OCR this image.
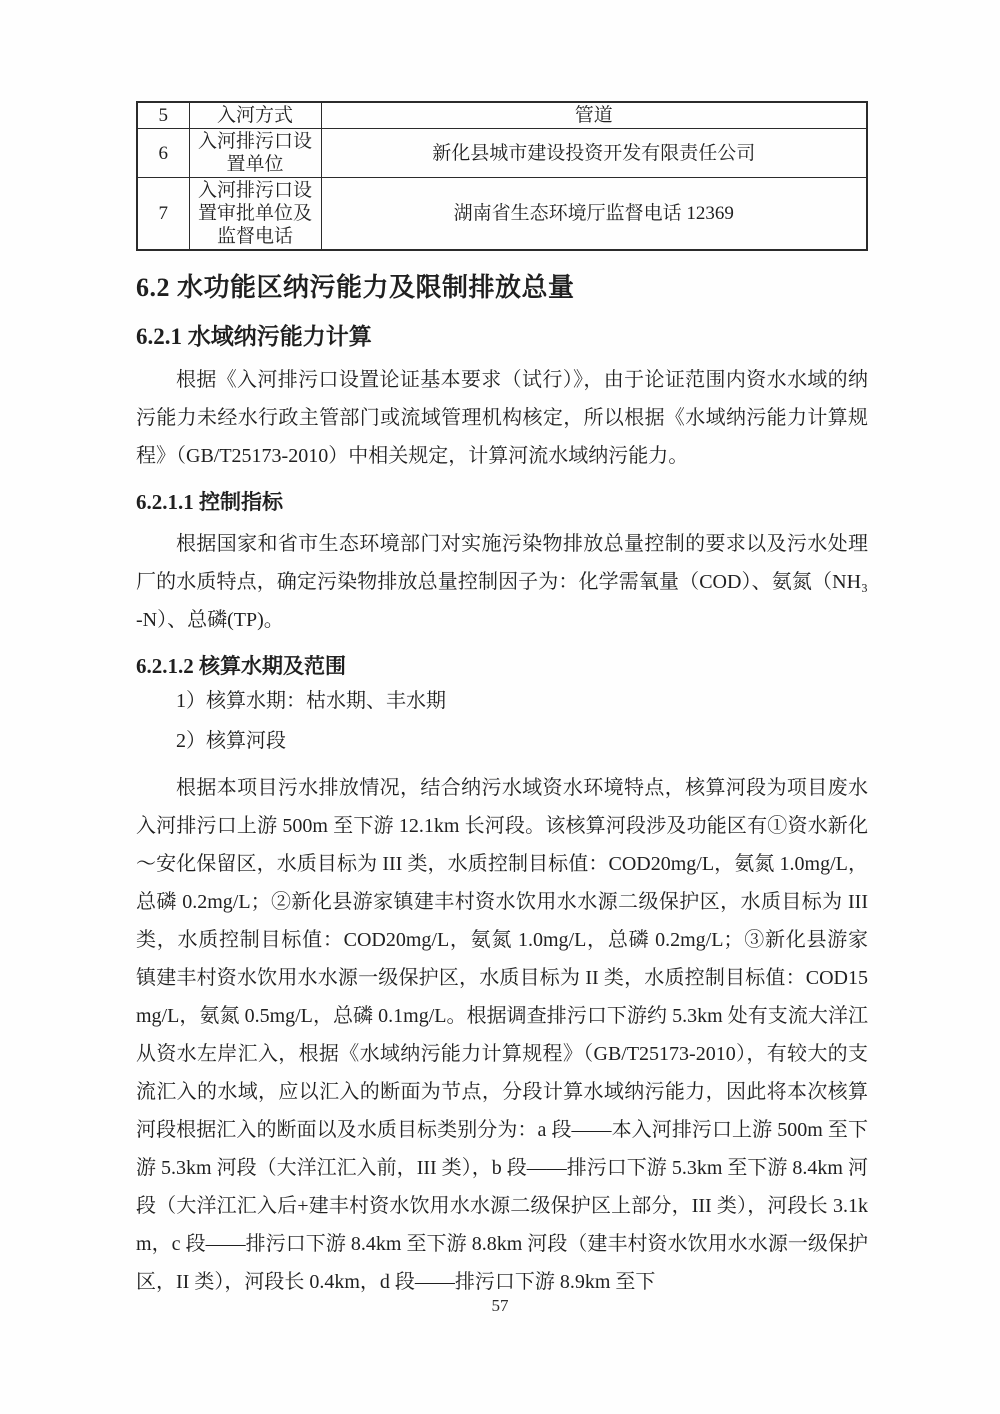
5	入河方式	管道
6	入河排污口设置单位	新化县城市建设投资开发有限责任公司
7	入河排污口设置审批单位及监督电话	湖南省生态环境厅监督电话 12369
6.2 水功能区纳污能力及限制排放总量
6.2.1 水域纳污能力计算

根据《入河排污口设置论证基本要求（试行）》，由于论证范围内资水水域的纳污能力未经水行政主管部门或流域管理机构核定，所以根据《水域纳污能力计算规程》（GB/T25173-2010）中相关规定，计算河流水域纳污能力。

6.2.1.1 控制指标

根据国家和省市生态环境部门对实施污染物排放总量控制的要求以及污水处理厂的水质特点，确定污染物排放总量控制因子为：化学需氧量（COD）、氨氮（NH₃-N）、总磷(TP)。

6.2.1.2 核算水期及范围

1）核算水期：枯水期、丰水期

2）核算河段

根据本项目污水排放情况，结合纳污水域资水环境特点，核算河段为项目废水入河排污口上游 500m 至下游 12.1km 长河段。该核算河段涉及功能区有①资水新化～安化保留区，水质目标为 III 类，水质控制目标值：COD20mg/L，氨氮 1.0mg/L，总磷 0.2mg/L；②新化县游家镇建丰村资水饮用水水源二级保护区，水质目标为 III 类，水质控制目标值：COD20mg/L，氨氮 1.0mg/L，总磷 0.2mg/L；③新化县游家镇建丰村资水饮用水水源一级保护区，水质目标为 II 类，水质控制目标值：COD15mg/L，氨氮 0.5mg/L，总磷 0.1mg/L。根据调查排污口下游约 5.3km 处有支流大洋江从资水左岸汇入，根据《水域纳污能力计算规程》（GB/T25173-2010），有较大的支流汇入的水域，应以汇入的断面为节点，分段计算水域纳污能力，因此将本次核算河段根据汇入的断面以及水质目标类别分为：a 段——本入河排污口上游 500m 至下游 5.3km 河段（大洋江汇入前，III 类），b 段——排污口下游 5.3km 至下游 8.4km 河段（大洋江汇入后+建丰村资水饮用水水源二级保护区上部分，III 类），河段长 3.1km，c 段——排污口下游 8.4km 至下游 8.8km 河段（建丰村资水饮用水水源一级保护区，II 类），河段长 0.4km，d 段——排污口下游 8.9km 至下

57
